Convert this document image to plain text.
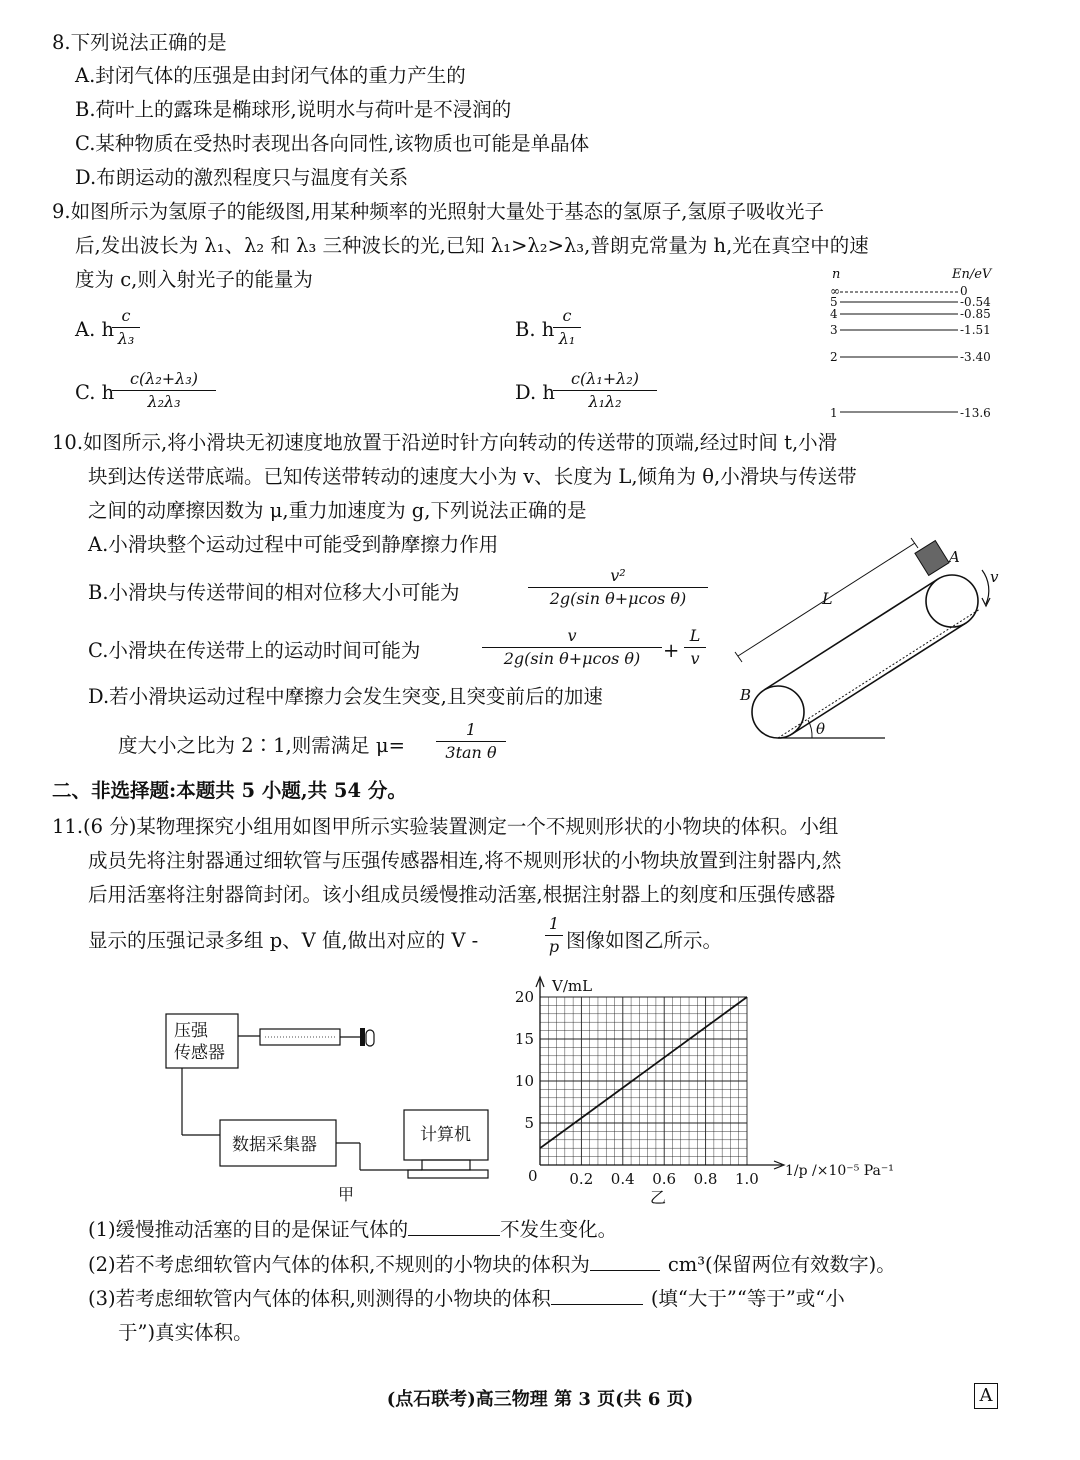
8.下列说法正确的是
A.封闭气体的压强是由封闭气体的重力产生的
B.荷叶上的露珠是椭球形,说明水与荷叶是不浸润的
C.某种物质在受热时表现出各向同性,该物质也可能是单晶体
D.布朗运动的激烈程度只与温度有关系
9.如图所示为氢原子的能级图,用某种频率的光照射大量处于基态的氢原子,氢原子吸收光子
后,发出波长为 λ₁、λ₂ 和 λ₃ 三种波长的光,已知 λ₁>λ₂>λ₃,普朗克常量为 h,光在真空中的速
度为 c,则入射光子的能量为
A. h
c
λ₃	B. h
c
λ₁
C. h
c(λ₂+λ₃)
λ₂λ₃	D. h
c(λ₁+λ₂)
λ₁λ₂
n	En/eV
∞	0
5	-0.54
4	-0.85
3	-1.51
2	-3.40
1	-13.6
10.如图所示,将小滑块无初速度地放置于沿逆时针方向转动的传送带的顶端,经过时间 t,小滑
块到达传送带底端。已知传送带转动的速度大小为 v、长度为 L,倾角为 θ,小滑块与传送带
之间的动摩擦因数为 μ,重力加速度为 g,下列说法正确的是
A.小滑块整个运动过程中可能受到静摩擦力作用
B.小滑块与传送带间的相对位移大小可能为
v²
2g(sin θ+μcos θ)
C.小滑块在传送带上的运动时间可能为
v
2g(sin θ+μcos θ)	+
L
v
D.若小滑块运动过程中摩擦力会发生突变,且突变前后的加速
度大小之比为 2∶1,则需满足 μ=
1
3tan θ
L
A
B
v
θ
二、非选择题:本题共 5 小题,共 54 分。
11.(6 分)某物理探究小组用如图甲所示实验装置测定一个不规则形状的小物块的体积。小组
成员先将注射器通过细软管与压强传感器相连,将不规则形状的小物块放置到注射器内,然
后用活塞将注射器筒封闭。该小组成员缓慢推动活塞,根据注射器上的刻度和压强传感器
显示的压强记录多组 p、V 值,做出对应的 V -
1
p 图像如图乙所示。
压强
传感器
数据采集器	计算机
甲
0.2 0.4 0.6 0.8 1.0
5
10
15
20
V/mL
1/p /×10⁻⁵ Pa⁻¹
0
乙
(1)缓慢推动活塞的目的是保证气体的	不发生变化。
(2)若不考虑细软管内气体的体积,不规则的小物块的体积为	cm³(保留两位有效数字)。
(3)若考虑细软管内气体的体积,则测得的小物块的体积	(填“大于”“等于”或“小
于”)真实体积。
(点石联考)高三物理 第 3 页(共 6 页)	A
